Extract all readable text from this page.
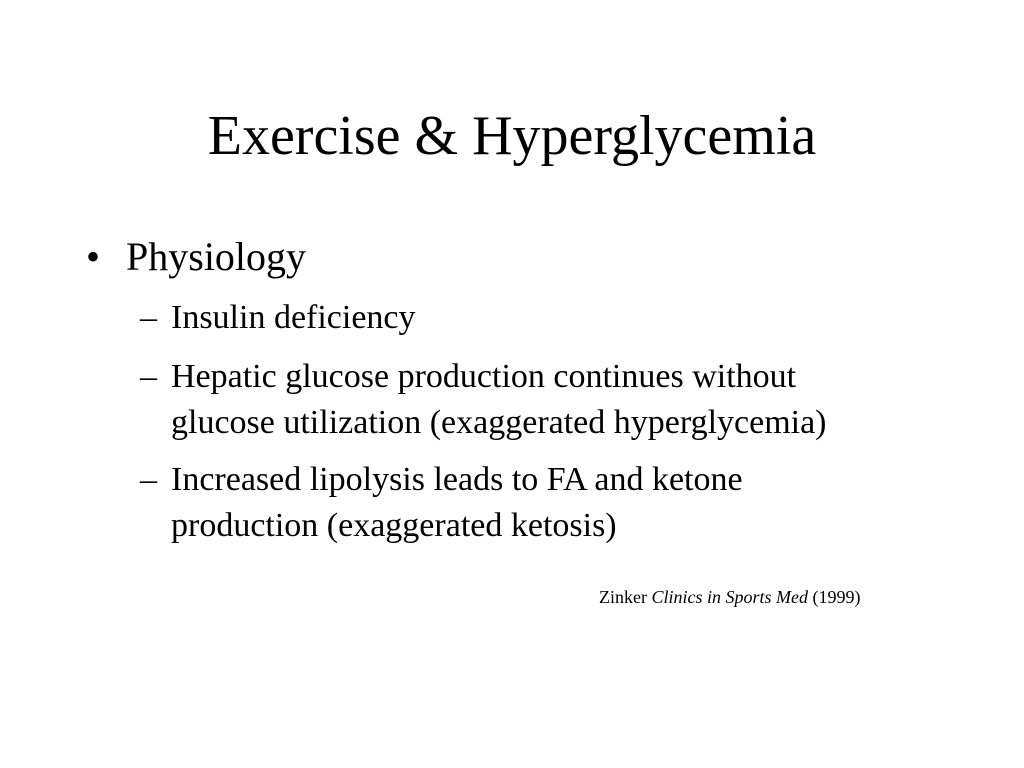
Exercise & Hyperglycemia
• Physiology
– Insulin deficiency
– Hepatic glucose production continues without
glucose utilization (exaggerated hyperglycemia)
– Increased lipolysis leads to FA and ketone
production (exaggerated ketosis)
Zinker Clinics in Sports Med (1999)
